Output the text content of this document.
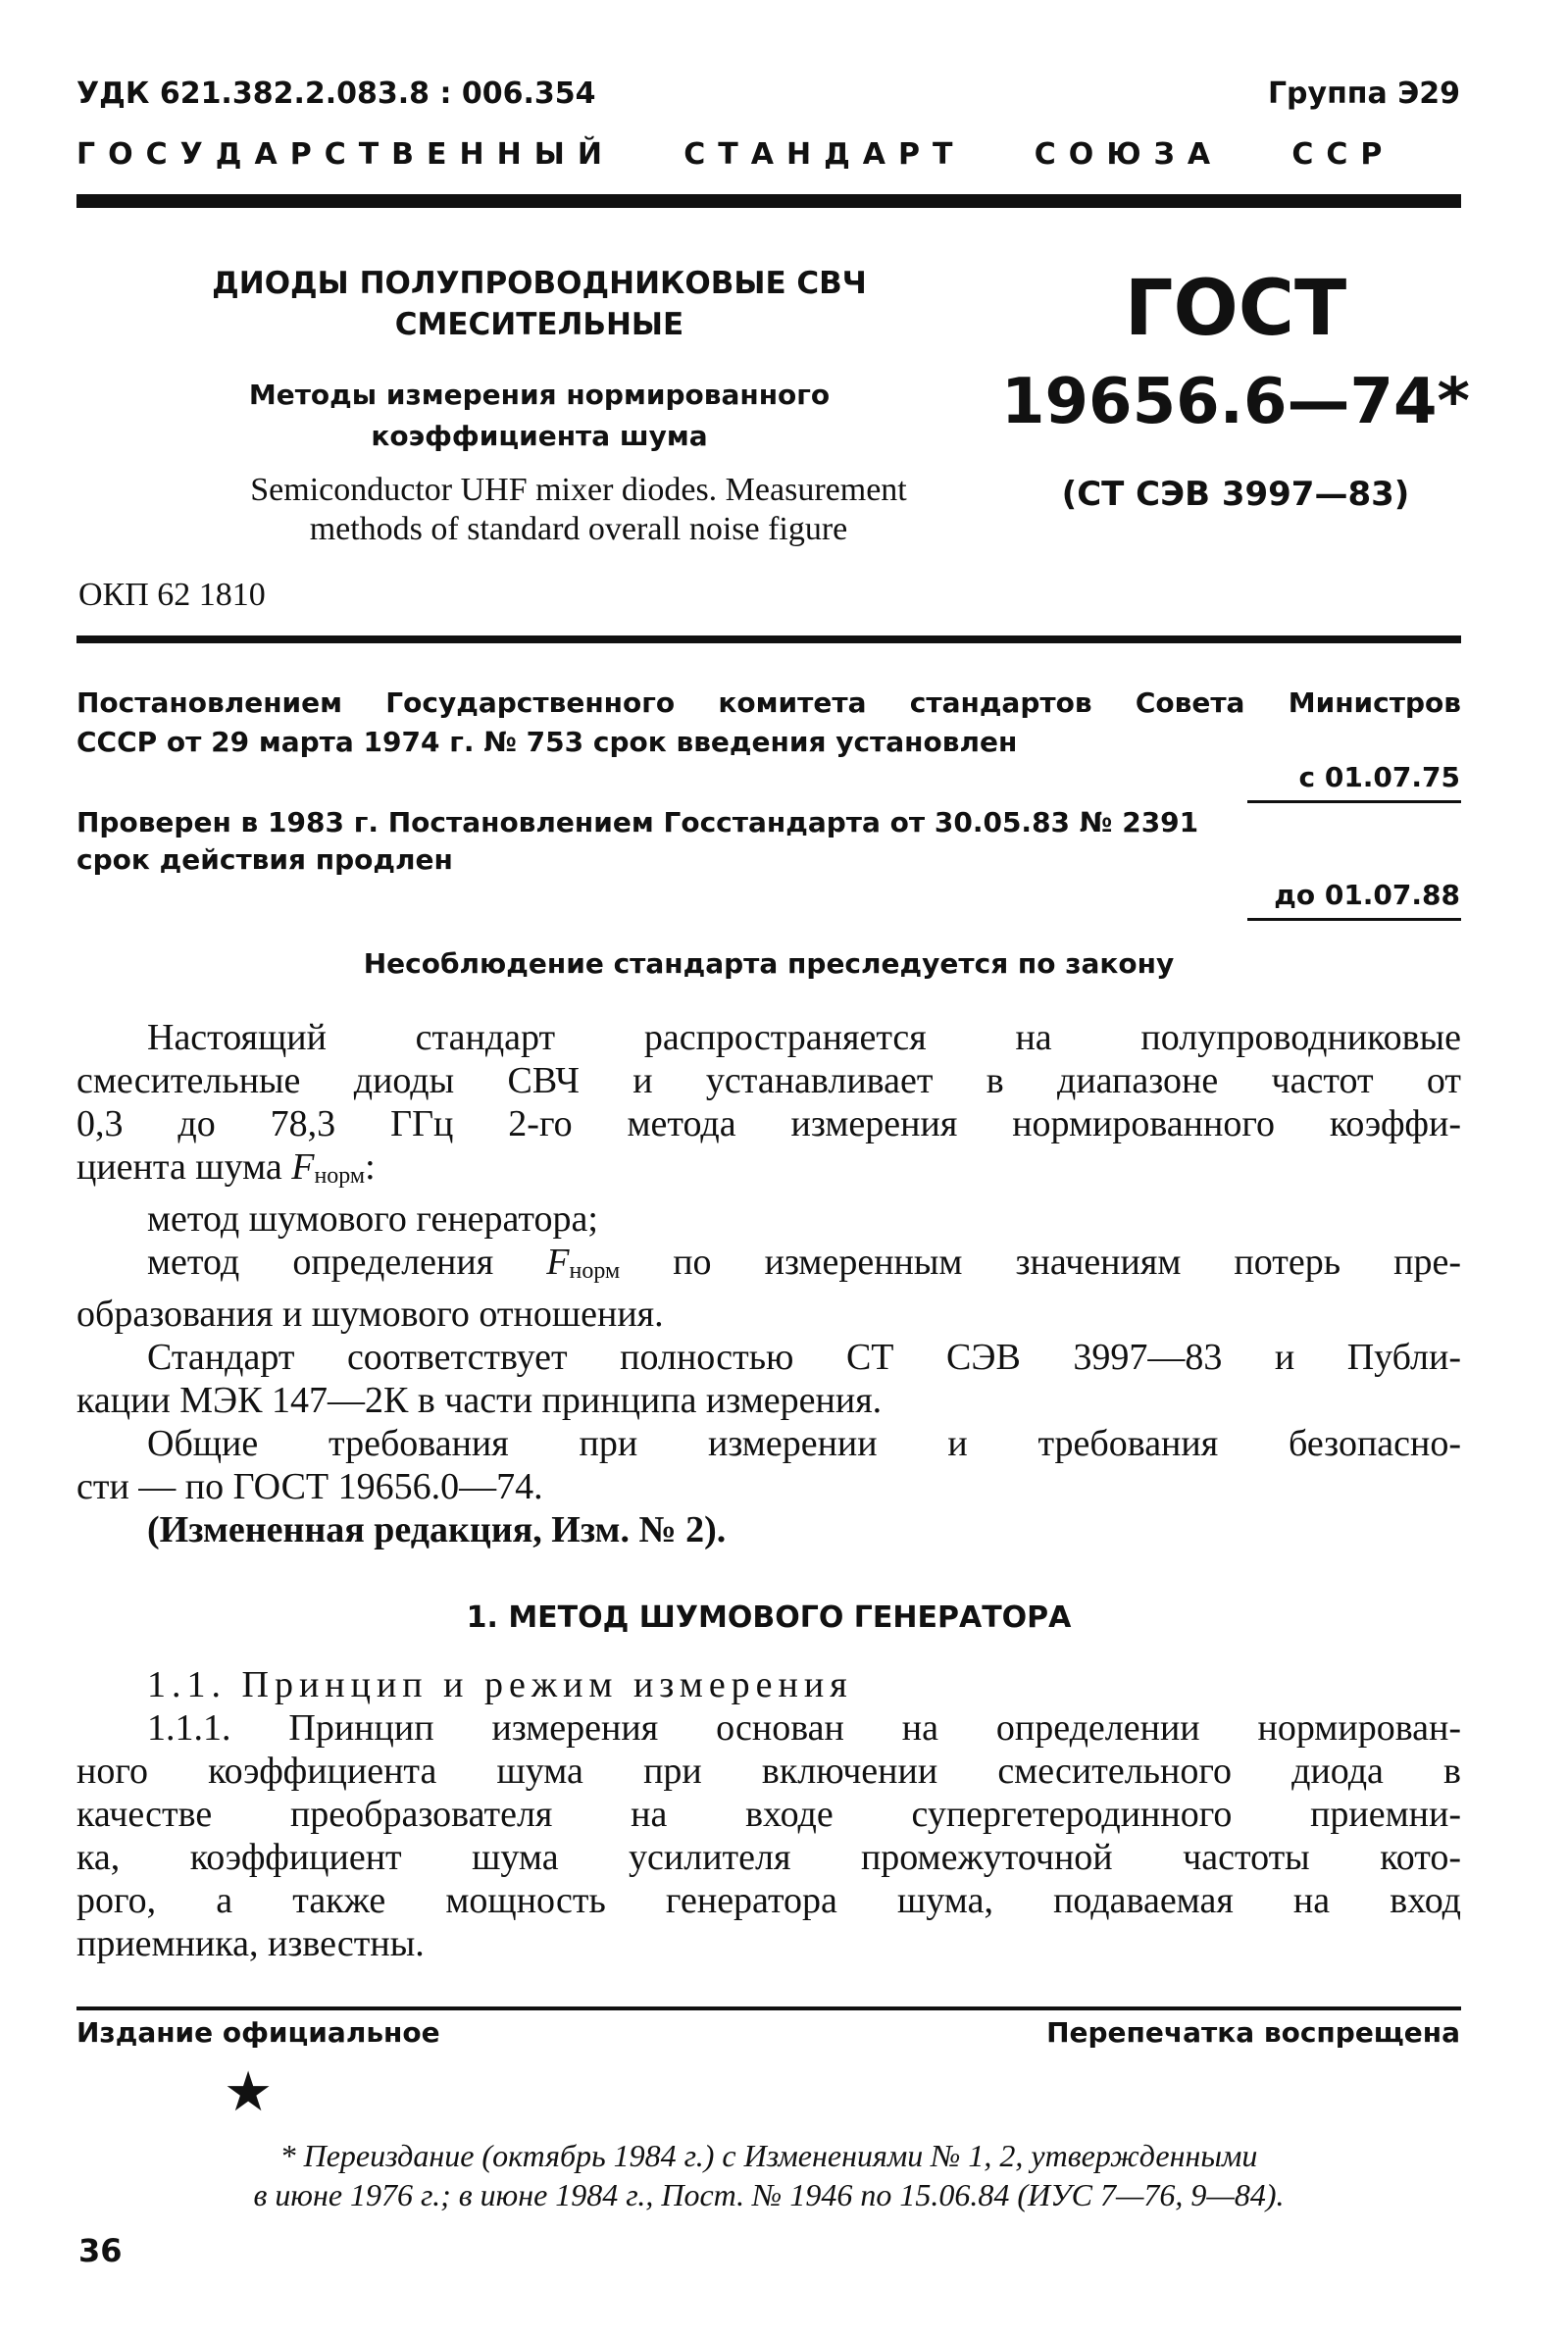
УДК 621.382.2.083.8 : 006.354	Группа Э29
ГОСУДАРСТВЕННЫЙ   СТАНДАРТ   СОЮЗА   ССР
ДИОДЫ ПОЛУПРОВОДНИКОВЫЕ СВЧ
СМЕСИТЕЛЬНЫЕ
Методы измерения нормированного
коэффициента шума
Semiconductor UHF mixer diodes. Measurement
methods of standard overall noise figure
ОКП 62 1810
ГОСТ
19656.6—74*
(СТ СЭВ 3997—83)
Постановлением Государственного комитета стандартов Совета Министров
СССР от 29 марта 1974 г. № 753 срок введения установлен
с 01.07.75
Проверен в 1983 г. Постановлением Госстандарта от 30.05.83 № 2391
срок действия продлен
до 01.07.88
Несоблюдение стандарта преследуется по закону
Настоящий стандарт распространяется на полупроводниковые
смесительные диоды СВЧ и устанавливает в диапазоне частот от
0,3 до 78,3 ГГц 2-го метода измерения нормированного коэффи-
циента шума $F_{норм}$:
метод шумового генератора;
метод определения $F_{норм}$ по измеренным значениям потерь пре-
образования и шумового отношения.
Стандарт соответствует полностью СТ СЭВ 3997—83 и Публи-
кации МЭК 147—2К в части принципа измерения.
Общие требования при измерении и требования безопасно-
сти — по ГОСТ 19656.0—74.
(Измененная редакция, Изм. № 2).
1. МЕТОД ШУМОВОГО ГЕНЕРАТОРА
1.1. Принцип и режим измерения
1.1.1. Принцип измерения основан на определении нормирован-
ного коэффициента шума при включении смесительного диода в
качестве преобразователя на входе супергетеродинного приемни-
ка, коэффициент шума усилителя промежуточной частоты кото-
рого, а также мощность генератора шума, подаваемая на вход
приемника, известны.
Издание официальное	Перепечатка воспрещена
★
* Переиздание (октябрь 1984 г.) с Изменениями № 1, 2, утвержденными
в июне 1976 г.; в июне 1984 г., Пост. № 1946 по 15.06.84 (ИУС 7—76, 9—84).
36
